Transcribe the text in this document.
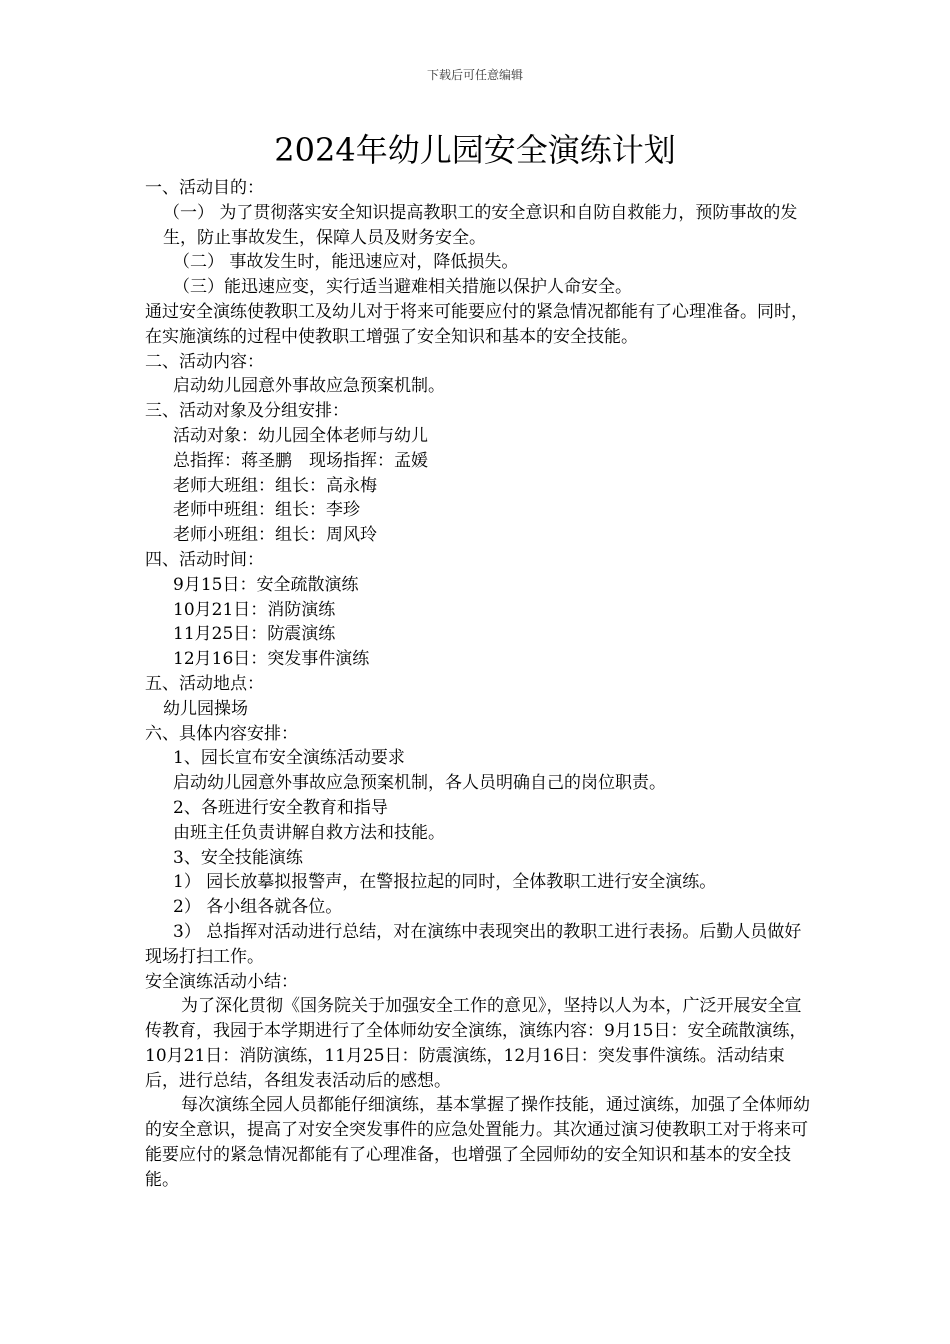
下载后可任意编辑
2024年幼儿园安全演练计划

一、活动目的：

（一） 为了贯彻落实安全知识提高教职工的安全意识和自防自救能力，预防事故的发生，防止事故发生，保障人员及财务安全。

（二） 事故发生时，能迅速应对，降低损失。

（三）能迅速应变，实行适当避难相关措施以保护人命安全。

通过安全演练使教职工及幼儿对于将来可能要应付的紧急情况都能有了心理准备。同时，在实施演练的过程中使教职工增强了安全知识和基本的安全技能。

二、活动内容：

启动幼儿园意外事故应急预案机制。

三、活动对象及分组安排：

活动对象：幼儿园全体老师与幼儿

总指挥：蒋圣鹏　现场指挥：孟媛

老师大班组：组长：高永梅

老师中班组：组长：李珍

老师小班组：组长：周风玲

四、活动时间：

9月15日：安全疏散演练

10月21日：消防演练

11月25日：防震演练

12月16日：突发事件演练

五、活动地点：

幼儿园操场

六、具体内容安排：

1、园长宣布安全演练活动要求

启动幼儿园意外事故应急预案机制，各人员明确自己的岗位职责。

2、各班进行安全教育和指导

由班主任负责讲解自救方法和技能。

3、安全技能演练

1） 园长放摹拟报警声，在警报拉起的同时，全体教职工进行安全演练。

2） 各小组各就各位。

3） 总指挥对活动进行总结，对在演练中表现突出的教职工进行表扬。后勤人员做好现场打扫工作。

安全演练活动小结：

为了深化贯彻《国务院关于加强安全工作的意见》，坚持以人为本，广泛开展安全宣传教育，我园于本学期进行了全体师幼安全演练，演练内容：9月15日：安全疏散演练，10月21日：消防演练，11月25日：防震演练，12月16日：突发事件演练。活动结束后，进行总结，各组发表活动后的感想。

每次演练全园人员都能仔细演练，基本掌握了操作技能，通过演练，加强了全体师幼的安全意识，提高了对安全突发事件的应急处置能力。其次通过演习使教职工对于将来可能要应付的紧急情况都能有了心理准备，也增强了全园师幼的安全知识和基本的安全技能。
